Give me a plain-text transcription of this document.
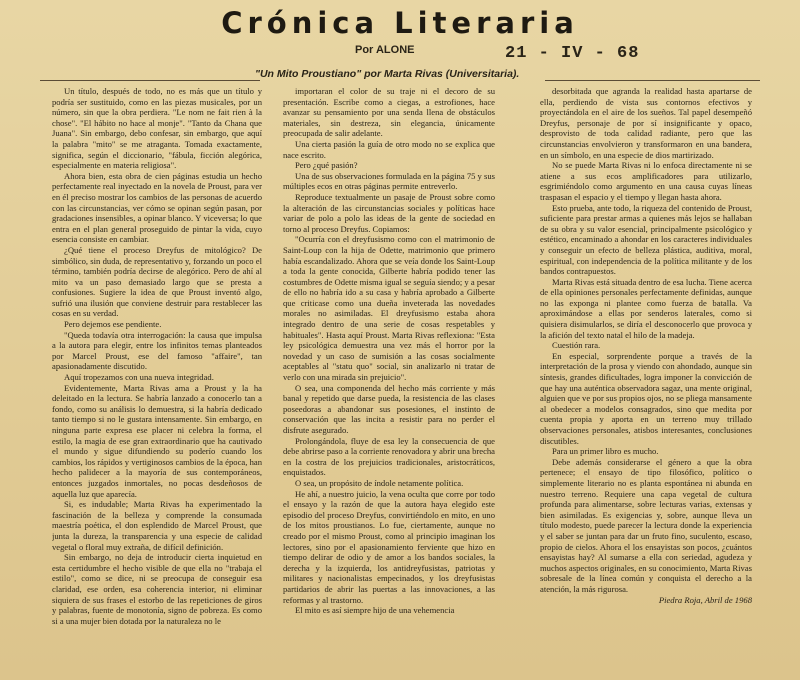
Crónica Literaria
Por ALONE	21 - IV - 68
"Un Mito Proustiano" por Marta Rivas (Universitaria).

Un título, después de todo, no es más que un título y podría ser sustituido, como en las piezas musicales, por un número, sin que la obra perdiera. "Le nom ne fait rien à la chose". "El hábito no hace al monje". "Tanto da Chana que Juana". Sin embargo, debo confesar, sin embargo, que aquí la palabra "mito" se me atraganta. Tomada exactamente, significa, según el diccionario, "fábula, ficción alegórica, especialmente en materia religiosa".

Ahora bien, esta obra de cien páginas estudia un hecho perfectamente real inyectado en la novela de Proust, para ver en él preciso mostrar los cambios de las personas de acuerdo con las circunstancias, ver cómo se opinan según pasan, por gradaciones insensibles, a opinar blanco. Y viceversa; lo que entra en el plan general proseguido de pintar la vida, cuyo esencia consiste en cambiar.

¿Qué tiene el proceso Dreyfus de mitológico? De simbólico, sin duda, de representativo y, forzando un poco el término, también podría decirse de alegórico. Pero de ahí al mito va un paso demasiado largo que se presta a confusiones. Sugiere la idea de que Proust inventó algo, sufrió una ilusión que conviene destruir para restablecer las cosas en su verdad.

Pero dejemos ese pendiente.

"Queda todavía otra interrogación: la causa que impulsa a la autora para elegir, entre los infinitos temas planteados por Marcel Proust, ese del famoso "affaire", tan apasionadamente discutido.

Aquí tropezamos con una nueva integridad.

Evidentemente, Marta Rivas ama a Proust y la ha deleitado en la lectura. Se habría lanzado a conocerlo tan a fondo, como su análisis lo demuestra, si la habría dedicado tanto tiempo si no le gustara intensamente. Sin embargo, en ninguna parte expresa ese placer ni celebra la forma, el estilo, la magia de ese gran extraordinario que ha cautivado el mundo y sigue difundiendo su poderío cuando los cambios, los rápidos y vertiginosos cambios de la época, han hecho palidecer a la mayoría de sus contemporáneos, entonces juzgados inmortales, no pocas desdeñosos de aquella luz que aparecía.

Si, es indudable; Marta Rivas ha experimentado la fascinación de la belleza y comprende la consumada maestría poética, el don esplendido de Marcel Proust, que junta la dureza, la transparencia y una especie de calidad vegetal o floral muy extraña, de difícil definición.

Sin embargo, no deja de introducir cierta inquietud en esta certidumbre el hecho visible de que ella no "trabaja el estilo", como se dice, ni se preocupa de conseguir esa claridad, ese orden, esa coherencia interior, ni eliminar siquiera de sus frases el estorbo de las repeticiones de giros y palabras, fuente de monotonía, signo de pobreza. Es como si a una mujer bien dotada por la naturaleza no le

importaran el color de su traje ni el decoro de su presentación. Escribe como a ciegas, a estrofiones, hace avanzar su pensamiento por una senda llena de obstáculos materiales, sin destreza, sin elegancia, únicamente preocupada de salir adelante.

Una cierta pasión la guía de otro modo no se explica que nace escrito.

Pero ¿qué pasión?

Una de sus observaciones formulada en la página 75 y sus múltiples ecos en otras páginas permite entreverlo.

Reproduce textualmente un pasaje de Proust sobre como la alteración de las circunstancias sociales y políticas hace variar de polo a polo las ideas de la gente de sociedad en torno al proceso Dreyfus. Copiamos:

"Ocurría con el dreyfusismo como con el matrimonio de Saint-Loup con la hija de Odette, matrimonio que primero había escandalizado. Ahora que se veía donde los Saint-Loup a toda la gente conocida, Gilberte habría podido tener las costumbres de Odette misma igual se seguía siendo; y a pesar de ello no habría ido a su casa y habría aprobado a Gilberte que criticase como una dueña inveterada las novedades morales no asimiladas. El dreyfusismo estaba ahora integrado dentro de una serie de cosas respetables y habituales". Hasta aquí Proust. Marta Rivas reflexiona: "Esta ley psicológica demuestra una vez más el horror por la novedad y un caso de sumisión a las cosas socialmente aceptables al "statu quo" social, sin analizarlo ni tratar de verlo con una mirada sin prejuicio".

O sea, una componenda del hecho más corriente y más banal y repetido que darse pueda, la resistencia de las clases poseedoras a abandonar sus posesiones, el instinto de conservación que las incita a resistir para no perder el disfrute asegurado.

Prolongándola, fluye de esa ley la consecuencia de que debe abrirse paso a la corriente renovadora y abrir una brecha en la costra de los prejuicios tradicionales, aristocráticos, enquistados.

O sea, un propósito de índole netamente política.

He ahí, a nuestro juicio, la vena oculta que corre por todo el ensayo y la razón de que la autora haya elegido este episodio del proceso Dreyfus, convirtiéndolo en mito, en uno de los mitos proustianos. Lo fue, ciertamente, aunque no creado por el mismo Proust, como al principio imaginan los lectores, sino por el apasionamiento ferviente que hizo en tiempo delirar de odio y de amor a los bandos sociales, la derecha y la izquierda, los antidreyfusistas, patriotas y militares y nacionalistas empecinados, y los dreyfusistas partidarios de abrir las puertas a las innovaciones, a las reformas y al trastorno.

El mito es así siempre hijo de una vehemencia

desorbitada que agranda la realidad hasta apartarse de ella, perdiendo de vista sus contornos efectivos y proyectándola en el aire de los sueños. Tal papel desempeñó Dreyfus, personaje de por sí insignificante y opaco, desprovisto de toda calidad radiante, pero que las circunstancias envolvieron y transformaron en una bandera, en un símbolo, en una especie de dios martirizado.

No se puede Marta Rivas ni lo enfoca directamente ni se atiene a sus ecos amplificadores para utilizarlo, esgrimiéndolo como argumento en una causa cuyas líneas traspasan el espacio y el tiempo y llegan hasta ahora.

Esto prueba, ante todo, la riqueza del contenido de Proust, suficiente para prestar armas a quienes más lejos se hallaban de su obra y su valor esencial, principalmente psicológico y estético, encaminado a ahondar en los caracteres individuales y conseguir un efecto de belleza plástica, auditiva, moral, espiritual, con independencia de la política militante y de los bandos contrapuestos.

Marta Rivas está situada dentro de esa lucha. Tiene acerca de ella opiniones personales perfectamente definidas, aunque no las exponga ni plantee como fuerza de batalla. Va aproximándose a ellas por senderos laterales, como si quisiera disimularlos, se diría el desconocerlo que provoca y la afición del texto natal el hilo de la madeja.

Cuestión rara.

En especial, sorprendente porque a través de la interpretación de la prosa y viendo con ahondado, aunque sin síntesis, grandes dificultades, logra imponer la convicción de que hay una auténtica observadora sagaz, una mente original, alguien que ve por sus propios ojos, no se pliega mansamente al obedecer a modelos consagrados, sino que medita por cuenta propia y aporta en un terreno muy trillado observaciones personales, atisbos interesantes, conclusiones discutibles.

Para un primer libro es mucho.

Debe además considerarse el género a que la obra pertenece; el ensayo de tipo filosófico, político o simplemente literario no es planta espontánea ni abunda en nuestro terreno. Requiere una capa vegetal de cultura profunda para alimentarse, sobre lecturas varias, extensas y bien asimiladas. Es exigencias y, sobre, aunque lleva un título modesto, puede parecer la lectura donde la experiencia y el saber se juntan para dar un fruto fino, suculento, escaso, propio de cielos. Ahora el los ensayistas son pocos, ¿cuántos ensayistas hay? Al sumarse a ella con seriedad, agudeza y muchos aspectos originales, en su conocimiento, Marta Rivas sobresale de la línea común y conquista el derecho a la atención, la más rigurosa.

Piedra Roja, Abril de 1968
